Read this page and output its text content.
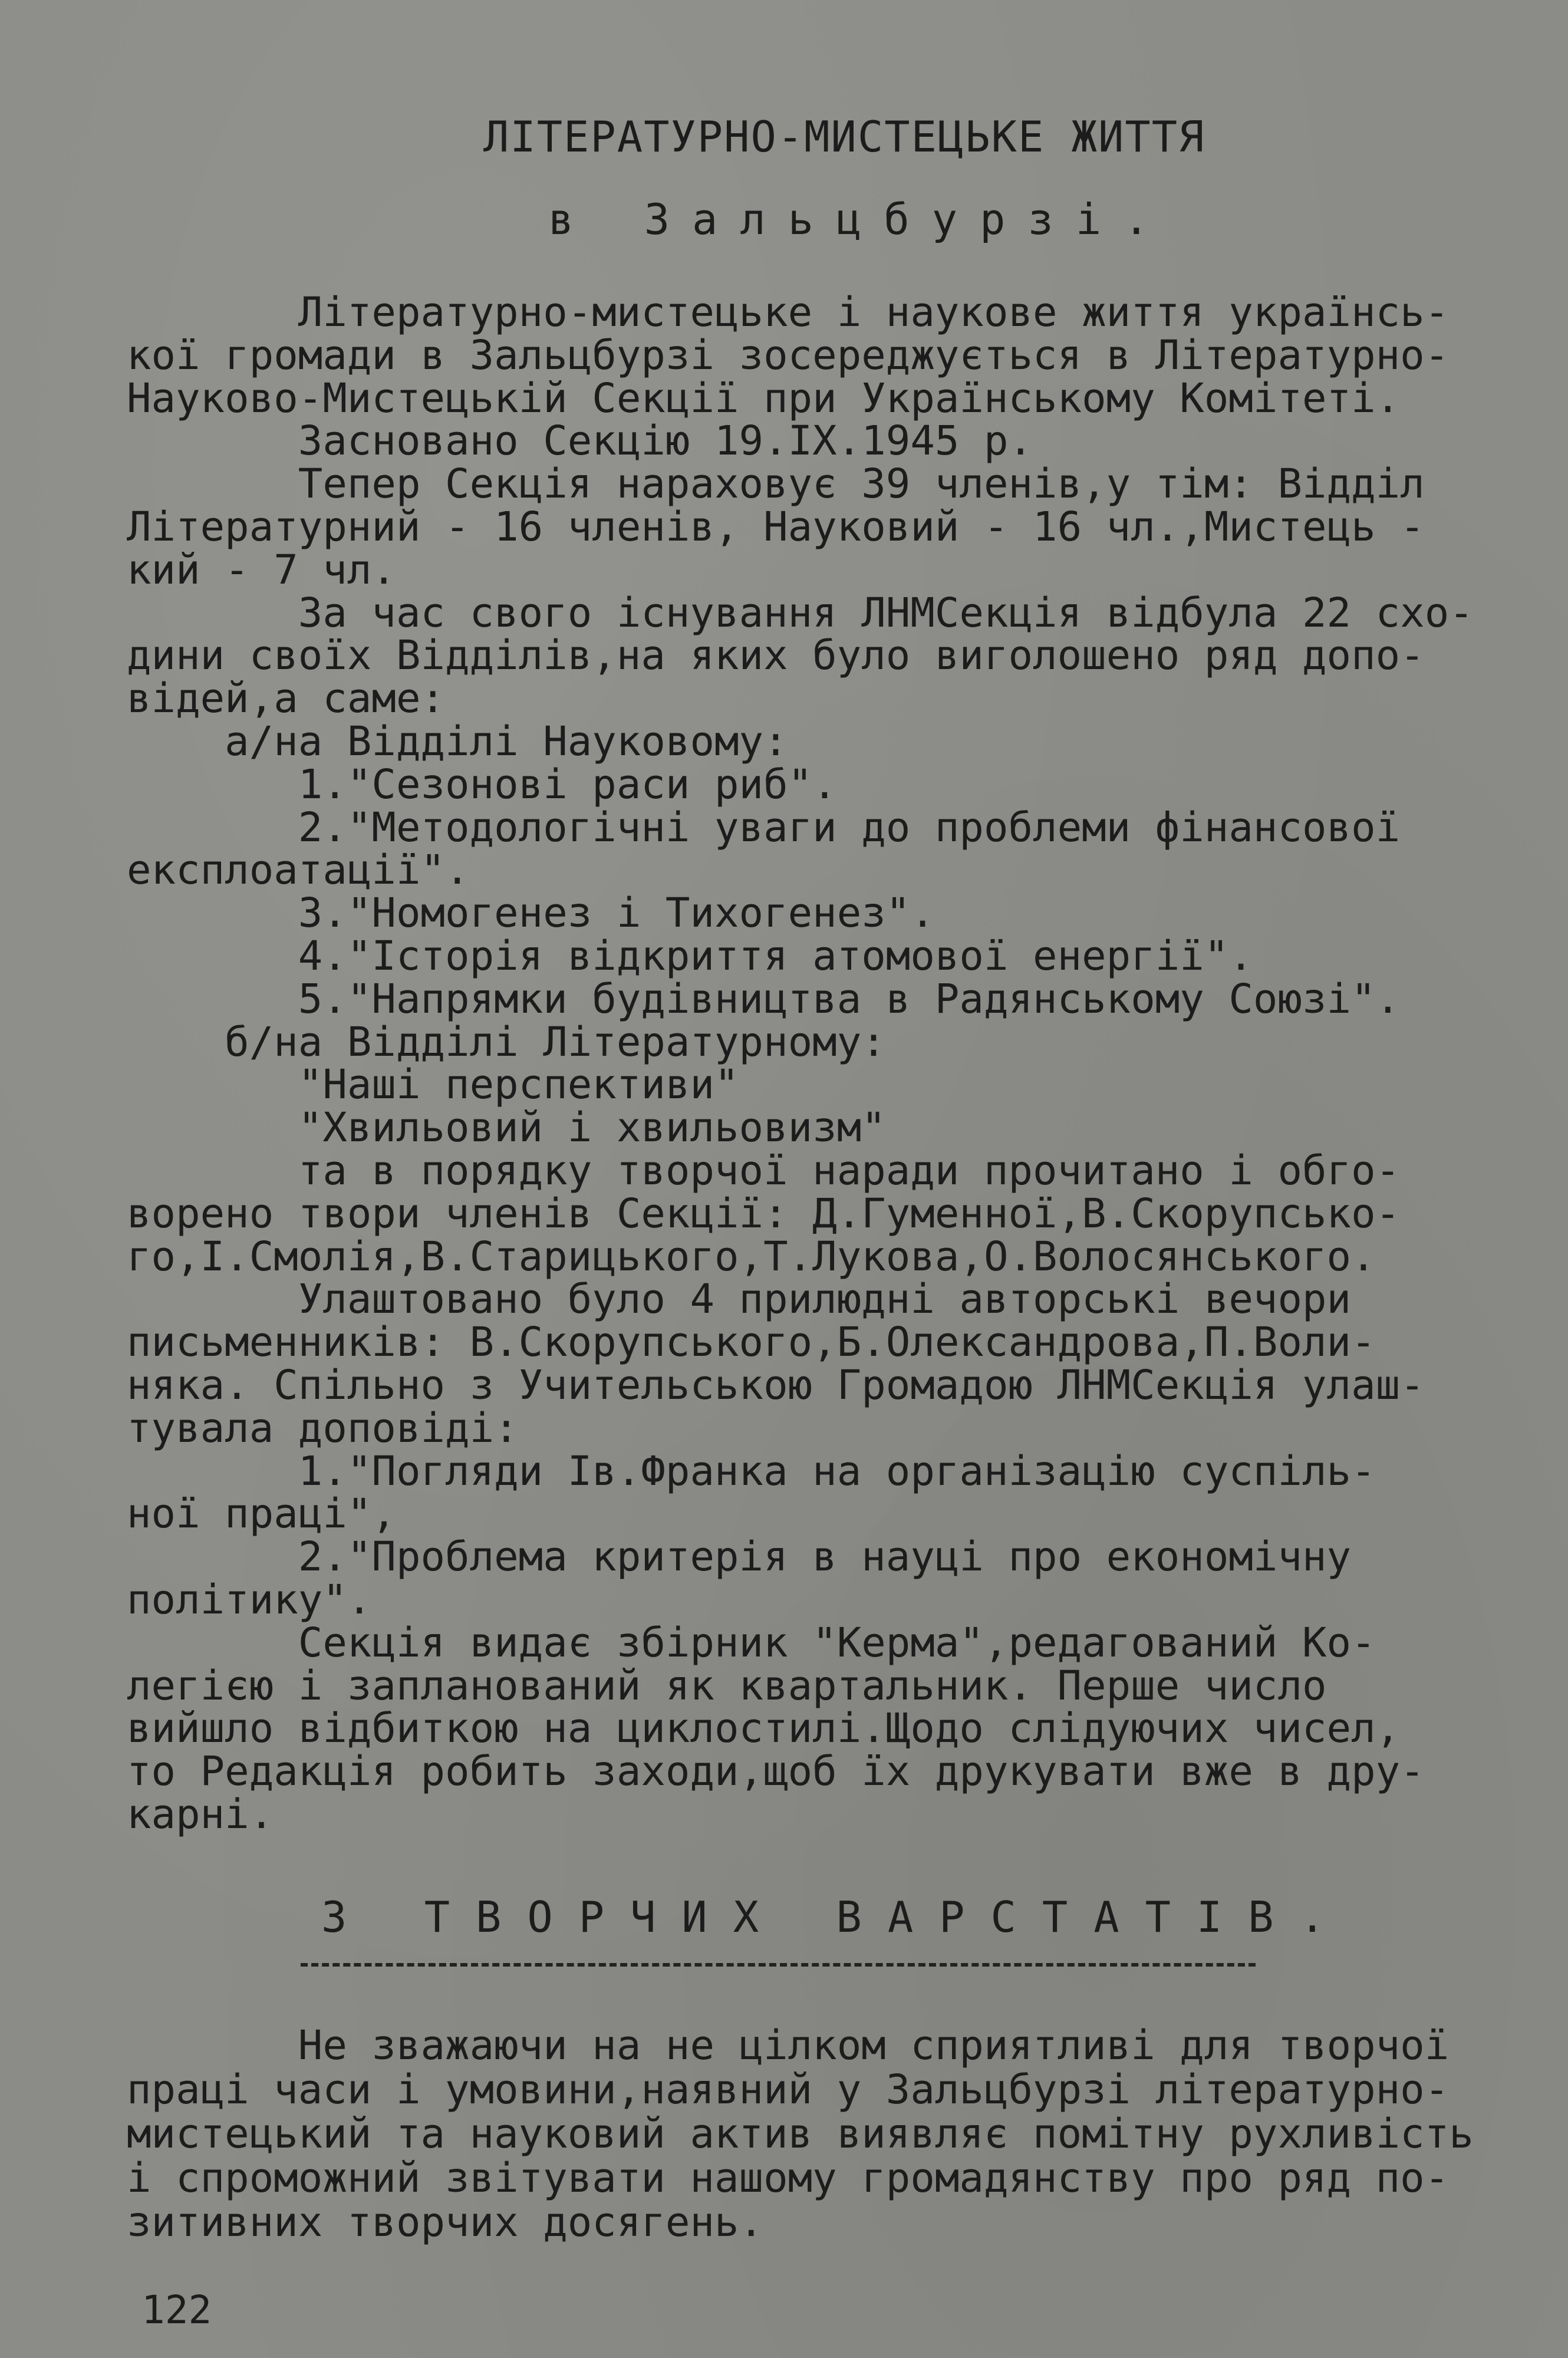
ЛІТЕРАТУРНО-МИСТЕЦЬКЕ ЖИТТЯ
в Зальцбурзі.
Літературно-мистецьке і наукове життя українсь-
кої громади в Зальцбурзі зосереджується в Літературно-
Науково-Мистецькій Секції при Українському Комітеті.
Засновано Секцію 19.IX.1945 р.
Тепер Секція нараховує 39 членів,у тім: Відділ
Літературний - 16 членів, Науковий - 16 чл.,Мистець -
кий - 7 чл.
За час свого існування ЛНМСекція відбула 22 схо-
дини своїх Відділів,на яких було виголошено ряд допо-
відей,а саме:
а/на Відділі Науковому:
1."Сезонові раси риб".
2."Методологічні уваги до проблеми фінансової
експлоатації".
3."Номогенез і Тихогенез".
4."Історія відкриття атомової енергії".
5."Напрямки будівництва в Радянському Союзі".
б/на Відділі Літературному:
"Наші перспективи"
"Хвильовий і хвильовизм"
та в порядку творчої наради прочитано і обго-
ворено твори членів Секції: Д.Гуменної,В.Скорупсько-
го,І.Смолія,В.Старицького,Т.Лукова,О.Волосянського.
Улаштовано було 4 прилюдні авторські вечори
письменників: В.Скорупського,Б.Олександрова,П.Воли-
няка. Спільно з Учительською Громадою ЛНМСекція улаш-
тувала доповіді:
1."Погляди Ів.Франка на організацію суспіль-
ної праці",
2."Проблема критерія в науці про економічну
політику".
Секція видає збірник "Керма",редагований Ко-
легією і запланований як квартальник. Перше число
вийшло відбиткою на циклостилі.Щодо слідуючих чисел,
то Редакція робить заходи,щоб їх друкувати вже в дру-
карні.
З ТВОРЧИХ ВАРСТАТІВ.
Не зважаючи на не цілком сприятливі для творчої
праці часи і умовини,наявний у Зальцбурзі літературно-
мистецький та науковий актив виявляє помітну рухливість
і спроможний звітувати нашому громадянству про ряд по-
зитивних творчих досягень.
122
